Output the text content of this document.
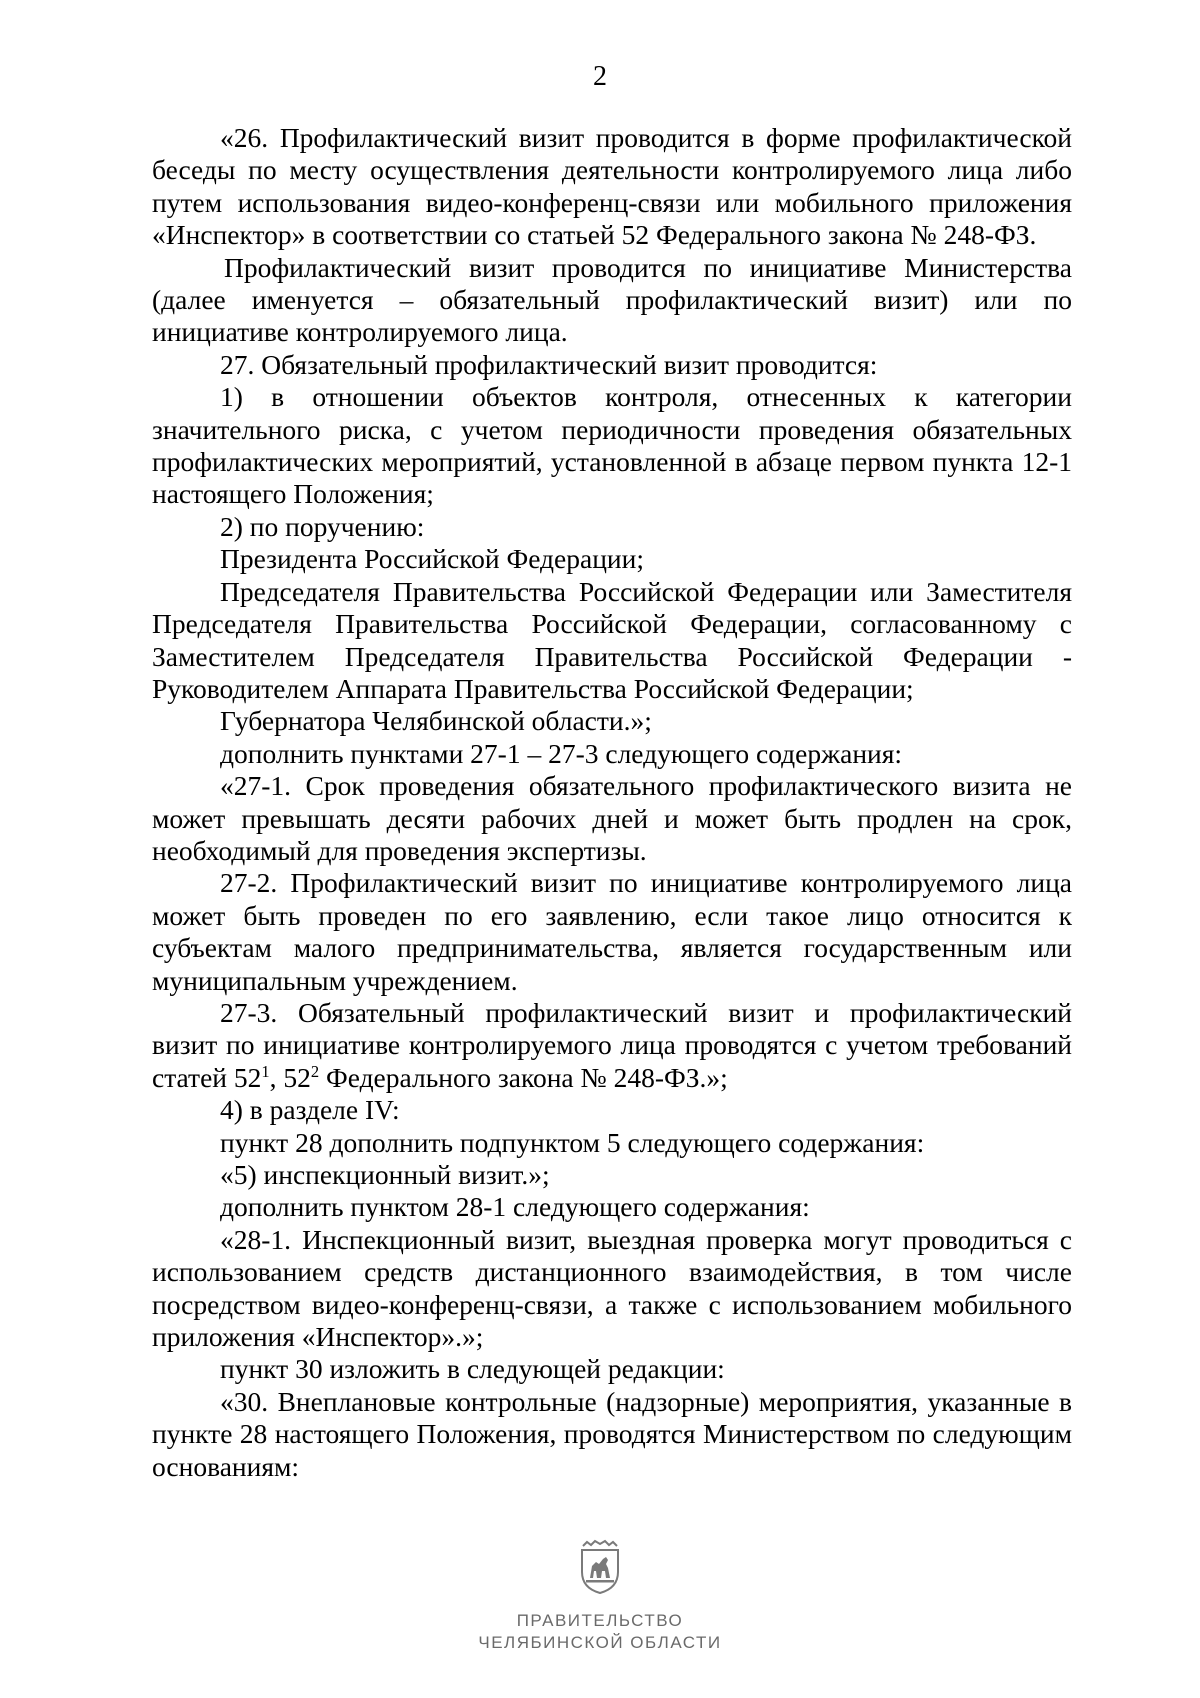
2

«26. Профилактический визит проводится в форме профилактической беседы по месту осуществления деятельности контролируемого лица либо путем использования видео-конференц-связи или мобильного приложения «Инспектор» в соответствии со статьей 52 Федерального закона № 248-ФЗ.

Профилактический визит проводится по инициативе Министерства (далее именуется – обязательный профилактический визит) или по инициативе контролируемого лица.

27. Обязательный профилактический визит проводится:

1) в отношении объектов контроля, отнесенных к категории значительного риска, с учетом периодичности проведения обязательных профилактических мероприятий, установленной в абзаце первом пункта 12-1 настоящего Положения;

2) по поручению:

Президента Российской Федерации;

Председателя Правительства Российской Федерации или Заместителя Председателя Правительства Российской Федерации, согласованному с Заместителем Председателя Правительства Российской Федерации - Руководителем Аппарата Правительства Российской Федерации;

Губернатора Челябинской области.»;

дополнить пунктами 27-1 – 27-3 следующего содержания:

«27-1. Срок проведения обязательного профилактического визита не может превышать десяти рабочих дней и может быть продлен на срок, необходимый для проведения экспертизы.

27-2. Профилактический визит по инициативе контролируемого лица может быть проведен по его заявлению, если такое лицо относится к субъектам малого предпринимательства, является государственным или муниципальным учреждением.

27-3. Обязательный профилактический визит и профилактический визит по инициативе контролируемого лица проводятся с учетом требований статей $52^1$, $52^2$ Федерального закона № 248-ФЗ.»;

4) в разделе IV:

пункт 28 дополнить подпунктом 5 следующего содержания:

«5) инспекционный визит.»;

дополнить пунктом 28-1 следующего содержания:

«28-1. Инспекционный визит, выездная проверка могут проводиться с использованием средств дистанционного взаимодействия, в том числе посредством видео-конференц-связи, а также с использованием мобильного приложения «Инспектор».»;

пункт 30 изложить в следующей редакции:

«30. Внеплановые контрольные (надзорные) мероприятия, указанные в пункте 28 настоящего Положения, проводятся Министерством по следующим основаниям:

ПРАВИТЕЛЬСТВО
ЧЕЛЯБИНСКОЙ ОБЛАСТИ
